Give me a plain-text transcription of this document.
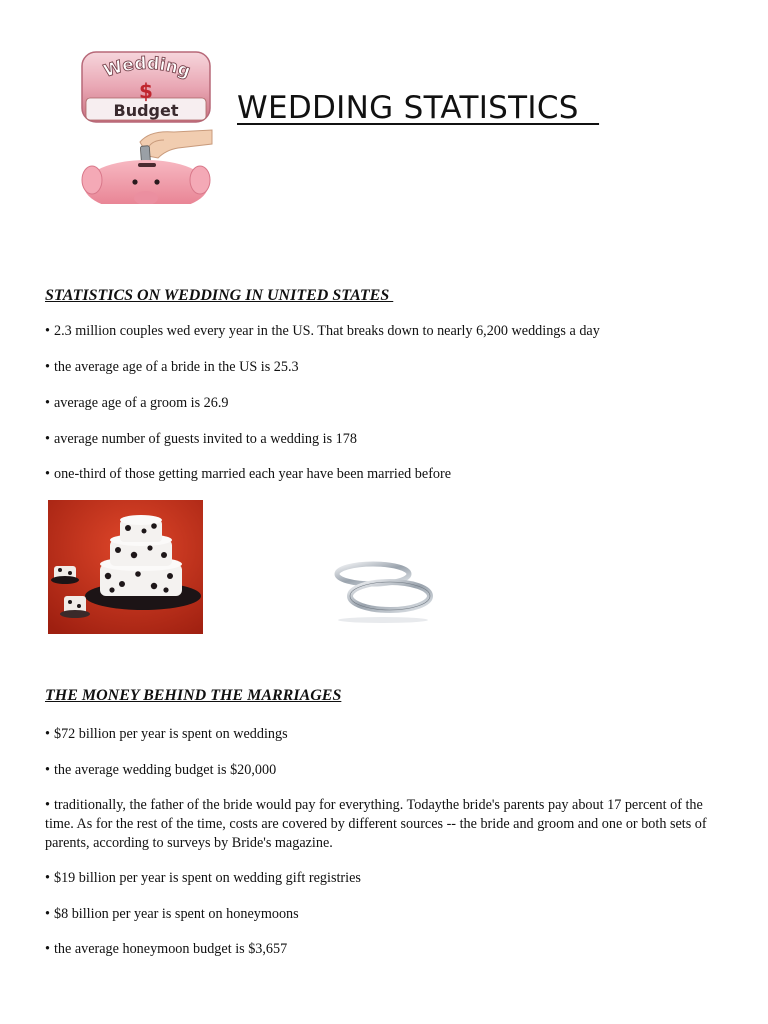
Wedding
$
Budget WEDDING STATISTICS
STATISTICS ON WEDDING IN UNITED STATES
• 2.3 million couples wed every year in the US. That breaks down to nearly 6,200 weddings a day
• the average age of a bride in the US is 25.3
• average age of a groom is 26.9
• average number of guests invited to a wedding is 178
• one-third of those getting married each year have been married before
THE MONEY BEHIND THE MARRIAGES
• $72 billion per year is spent on weddings
• the average wedding budget is $20,000
• traditionally, the father of the bride would pay for everything. Todaythe bride's parents pay about 17 percent of the time. As for the rest of the time, costs are covered by different sources -- the bride and groom and one or both sets of parents, according to surveys by Bride's magazine.
• $19 billion per year is spent on wedding gift registries
• $8 billion per year is spent on honeymoons
• the average honeymoon budget is $3,657
